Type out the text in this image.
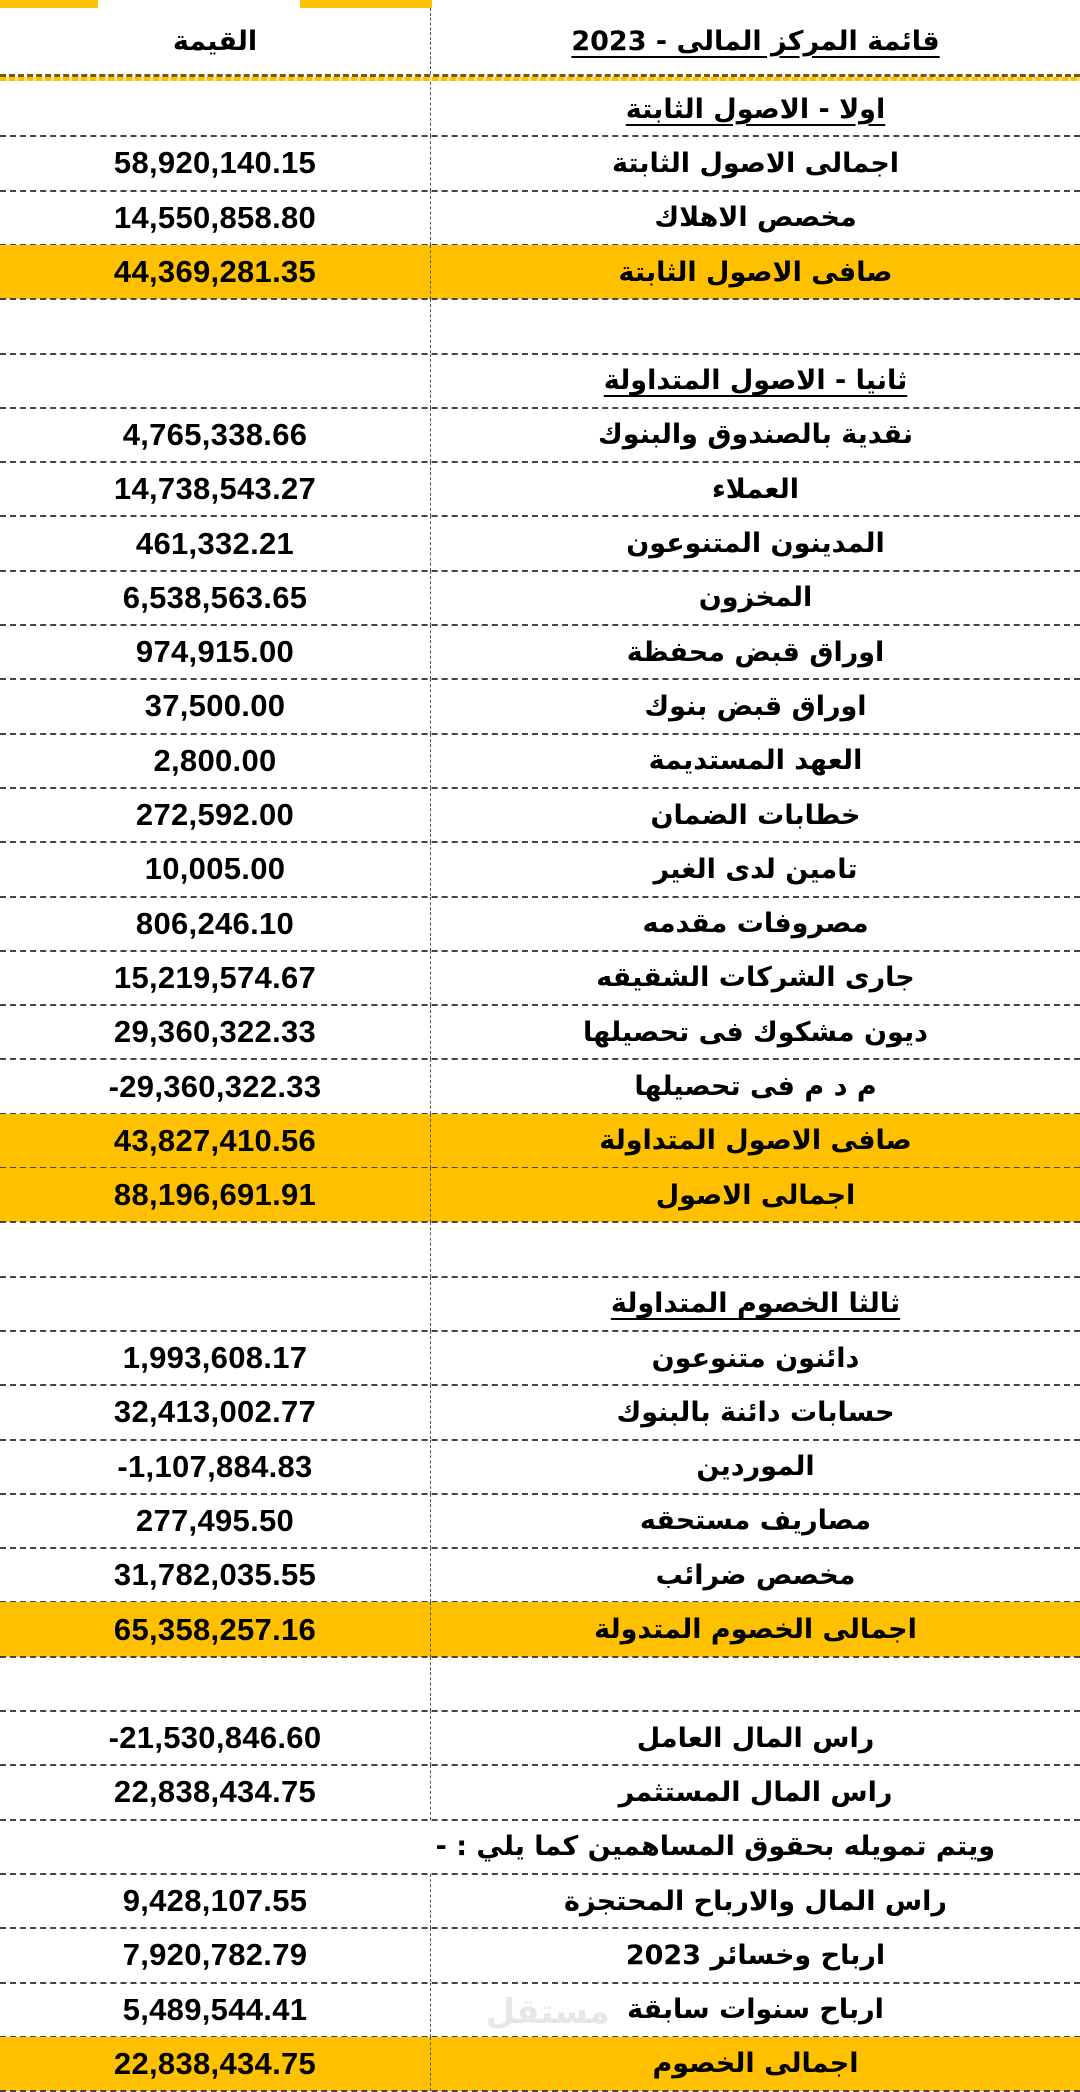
القيمة	قائمة المركز المالى - 2023
اولا - الاصول الثابتة
58,920,140.15	اجمالى الاصول الثابتة
14,550,858.80	مخصص الاهلاك
44,369,281.35	صافى الاصول الثابتة
ثانيا - الاصول المتداولة
4,765,338.66	نقدية بالصندوق والبنوك
14,738,543.27	العملاء
461,332.21	المدينون المتنوعون
6,538,563.65	المخزون
974,915.00	اوراق قبض محفظة
37,500.00	اوراق قبض بنوك
2,800.00	العهد المستديمة
272,592.00	خطابات الضمان
10,005.00	تامين لدى الغير
806,246.10	مصروفات مقدمه
15,219,574.67	جارى الشركات الشقيقه
29,360,322.33	ديون مشكوك فى تحصيلها
-29,360,322.33	م د م فى تحصيلها
43,827,410.56	صافى الاصول المتداولة
88,196,691.91	اجمالى الاصول
ثالثا الخصوم المتداولة
1,993,608.17	دائنون متنوعون
32,413,002.77	حسابات دائنة بالبنوك
-1,107,884.83	الموردين
277,495.50	مصاريف مستحقه
31,782,035.55	مخصص ضرائب
65,358,257.16	اجمالى الخصوم المتدولة
-21,530,846.60	راس المال العامل
22,838,434.75	راس المال المستثمر
ويتم تمويله بحقوق المساهمين كما يلي : -
9,428,107.55	راس المال والارباح المحتجزة
7,920,782.79	ارباح وخسائر 2023
5,489,544.41	ارباح سنوات سابقة
22,838,434.75	اجمالى الخصوم
مستقل
